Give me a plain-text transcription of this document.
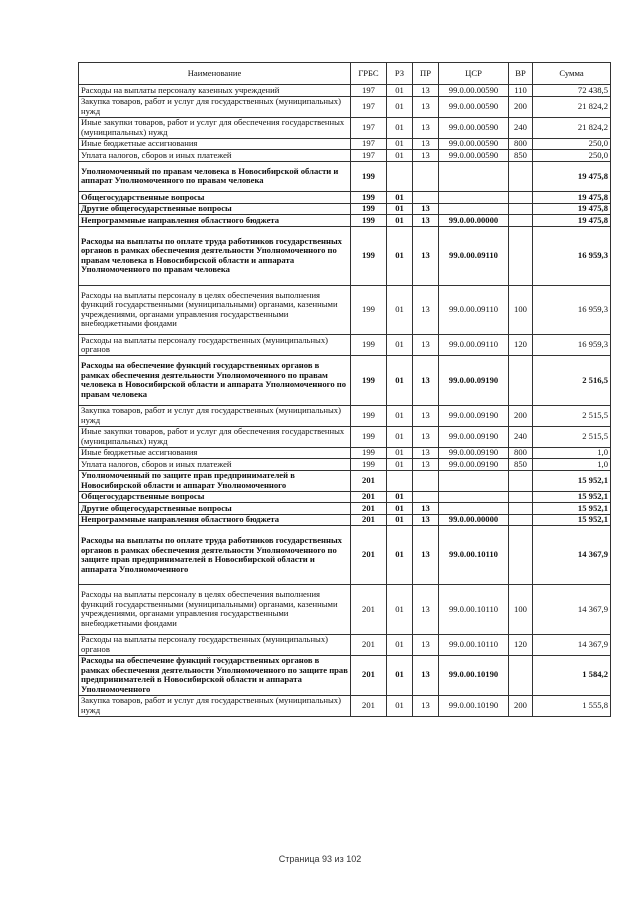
Наименование	ГРБС	РЗ	ПР	ЦСР	ВР	Сумма
Расходы на выплаты персоналу казенных учреждений	197	01	13	99.0.00.00590	110	72 438,5
Закупка товаров, работ и услуг для государственных (муниципальных) нужд	197	01	13	99.0.00.00590	200	21 824,2
Иные закупки товаров, работ и услуг для обеспечения государственных (муниципальных) нужд	197	01	13	99.0.00.00590	240	21 824,2
Иные бюджетные ассигнования	197	01	13	99.0.00.00590	800	250,0
Уплата налогов, сборов и иных платежей	197	01	13	99.0.00.00590	850	250,0
Уполномоченный по правам человека в Новосибирской области и аппарат Уполномоченного по правам человека	199					19 475,8
Общегосударственные вопросы	199	01				19 475,8
Другие общегосударственные вопросы	199	01	13			19 475,8
Непрограммные направления областного бюджета	199	01	13	99.0.00.00000		19 475,8
Расходы на выплаты по оплате труда работников государственных органов в рамках обеспечения деятельности Уполномоченного по правам человека в Новосибирской области и аппарата Уполномоченного по правам человека	199	01	13	99.0.00.09110		16 959,3
Расходы на выплаты персоналу в целях обеспечения выполнения функций государственными (муниципальными) органами, казенными учреждениями, органами управления государственными внебюджетными фондами	199	01	13	99.0.00.09110	100	16 959,3
Расходы на выплаты персоналу государственных (муниципальных) органов	199	01	13	99.0.00.09110	120	16 959,3
Расходы на обеспечение функций государственных органов в рамках обеспечения деятельности Уполномоченного по правам человека в Новосибирской области и аппарата Уполномоченного по правам человека	199	01	13	99.0.00.09190		2 516,5
Закупка товаров, работ и услуг для государственных (муниципальных) нужд	199	01	13	99.0.00.09190	200	2 515,5
Иные закупки товаров, работ и услуг для обеспечения государственных (муниципальных) нужд	199	01	13	99.0.00.09190	240	2 515,5
Иные бюджетные ассигнования	199	01	13	99.0.00.09190	800	1,0
Уплата налогов, сборов и иных платежей	199	01	13	99.0.00.09190	850	1,0
Уполномоченный по защите прав предпринимателей в Новосибирской области и аппарат Уполномоченного	201					15 952,1
Общегосударственные вопросы	201	01				15 952,1
Другие общегосударственные вопросы	201	01	13			15 952,1
Непрограммные направления областного бюджета	201	01	13	99.0.00.00000		15 952,1
Расходы на выплаты по оплате труда работников государственных органов в рамках обеспечения деятельности Уполномоченного по защите прав предпринимателей в Новосибирской области и аппарата Уполномоченного	201	01	13	99.0.00.10110		14 367,9
Расходы на выплаты персоналу в целях обеспечения выполнения функций государственными (муниципальными) органами, казенными учреждениями, органами управления государственными внебюджетными фондами	201	01	13	99.0.00.10110	100	14 367,9
Расходы на выплаты персоналу государственных (муниципальных) органов	201	01	13	99.0.00.10110	120	14 367,9
Расходы на обеспечение функций государственных органов в рамках обеспечения деятельности Уполномоченного по защите прав предпринимателей в Новосибирской области и аппарата Уполномоченного	201	01	13	99.0.00.10190		1 584,2
Закупка товаров, работ и услуг для государственных (муниципальных) нужд	201	01	13	99.0.00.10190	200	1 555,8
Страница 93 из 102
